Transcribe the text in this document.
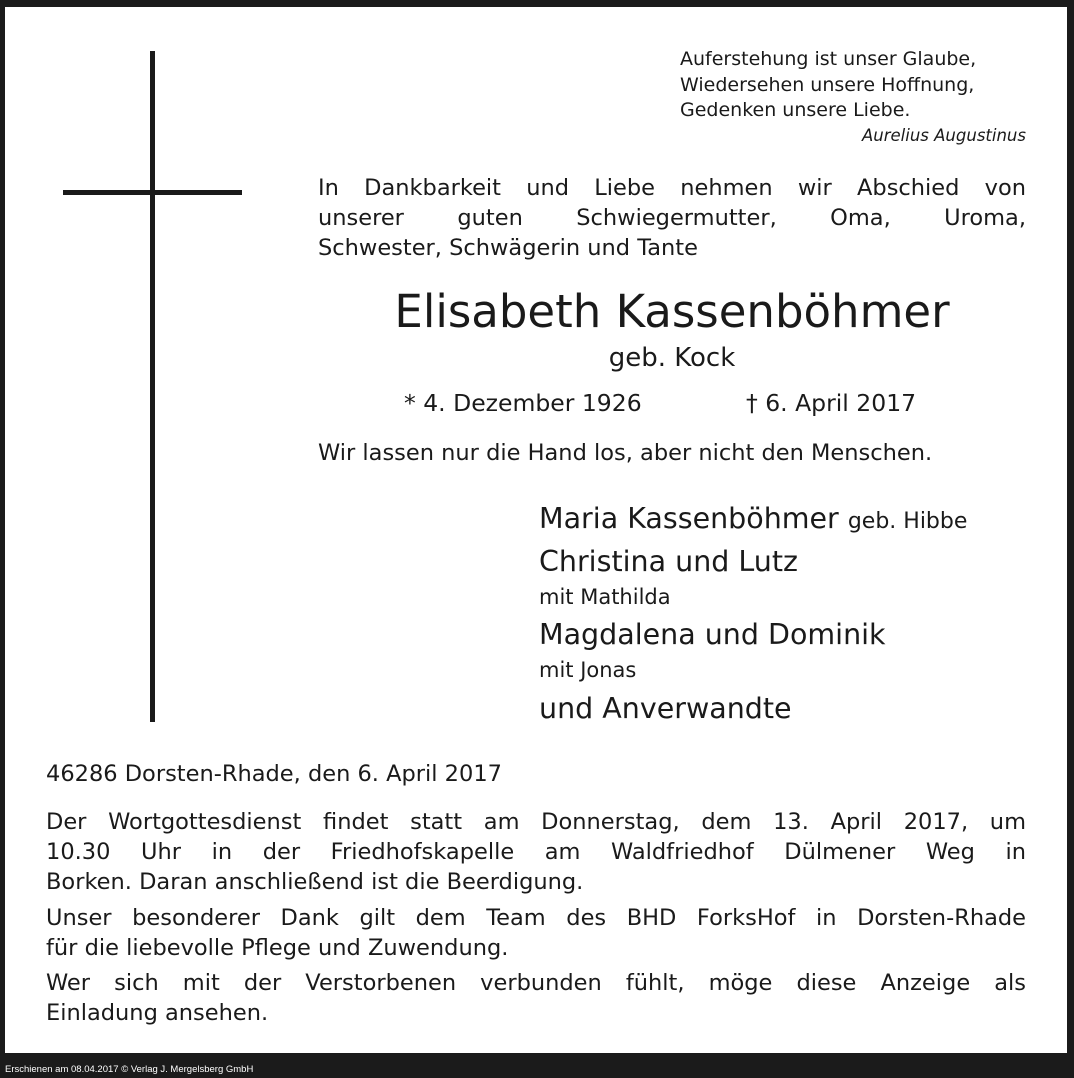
Erschienen am 08.04.2017 © Verlag J. Mergelsberg GmbH
Auferstehung ist unser Glaube,
Wiedersehen unsere Hoffnung,
Gedenken unsere Liebe.
Aurelius Augustinus
In Dankbarkeit und Liebe nehmen wir Abschied von
unserer guten Schwiegermutter, Oma, Uroma,
Schwester, Schwägerin und Tante
Elisabeth Kassenböhmer
geb. Kock
* 4. Dezember 1926	† 6. April 2017
Wir lassen nur die Hand los, aber nicht den Menschen.
Maria Kassenböhmer geb. Hibbe
Christina und Lutz
mit Mathilda
Magdalena und Dominik
mit Jonas
und Anverwandte
46286 Dorsten-Rhade, den 6. April 2017
Der Wortgottesdienst findet statt am Donnerstag, dem 13. April 2017, um
10.30 Uhr in der Friedhofskapelle am Waldfriedhof Dülmener Weg in
Borken. Daran anschließend ist die Beerdigung.
Unser besonderer Dank gilt dem Team des BHD ForksHof in Dorsten-Rhade
für die liebevolle Pflege und Zuwendung.
Wer sich mit der Verstorbenen verbunden fühlt, möge diese Anzeige als
Einladung ansehen.
